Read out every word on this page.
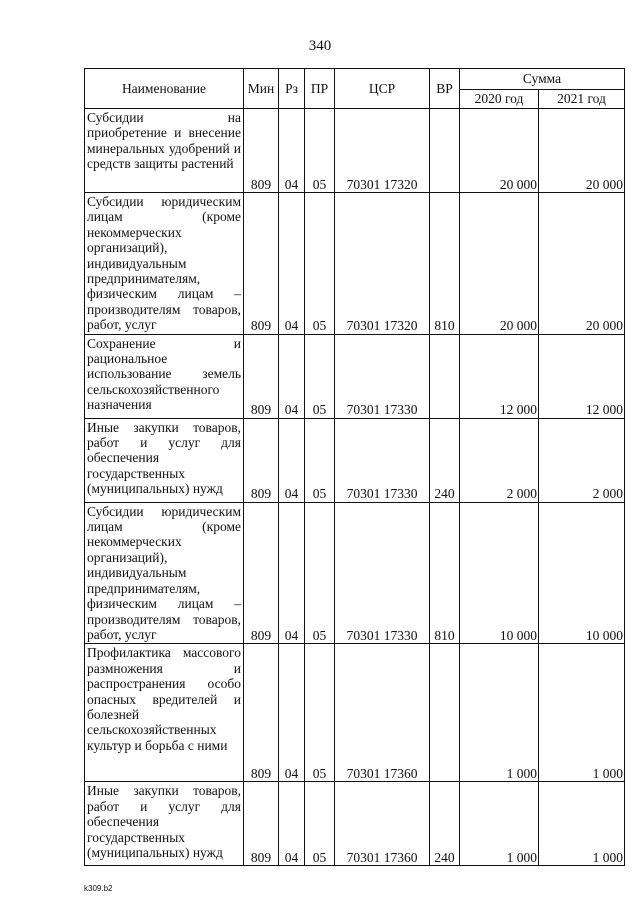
340
Наименование	Мин	Рз	ПР	ЦСР	ВР	Сумма	
						2020 год	2021 год
Субсидии на приобретение и внесение минеральных удобрений и средств защиты растений	809	04	05	70301 17320		20 000	20 000
Субсидии юридическим лицам (кроме некоммерческих организаций), индивидуальным предпринимателям, физическим лицам – производителям товаров, работ, услуг	809	04	05	70301 17320	810	20 000	20 000
Сохранение и рациональное использование земель сельскохозяйственного назначения	809	04	05	70301 17330		12 000	12 000
Иные закупки товаров, работ и услуг для обеспечения государственных (муниципальных) нужд	809	04	05	70301 17330	240	2 000	2 000
Субсидии юридическим лицам (кроме некоммерческих организаций), индивидуальным предпринимателям, физическим лицам – производителям товаров, работ, услуг	809	04	05	70301 17330	810	10 000	10 000
Профилактика массового размножения и распространения особо опасных вредителей и болезней сельскохозяйственных культур и борьба с ними	809	04	05	70301 17360		1 000	1 000
Иные закупки товаров, работ и услуг для обеспечения государственных (муниципальных) нужд	809	04	05	70301 17360	240	1 000	1 000
k309.b2
